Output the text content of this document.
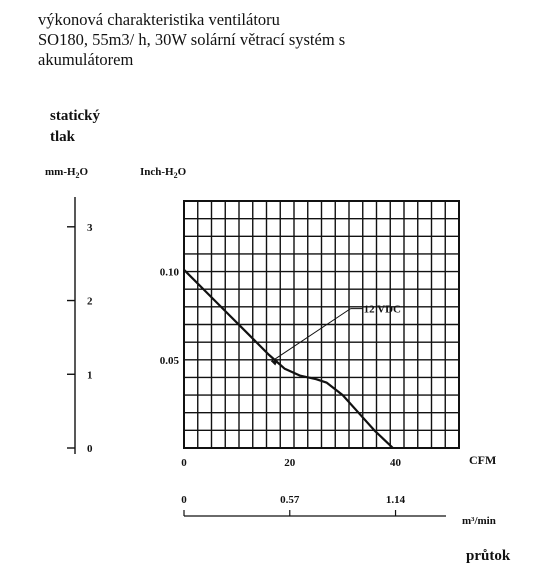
výkonová charakteristika ventilátoru
SO180, 55m3/ h, 30W solární větrací systém s
akumulátorem
0
1
2
3
0.05
0.10
0	20	40
0	0.57	1.14
statický
tlak
$mm-H_2O$	Inch-$H_2O$
CFM
m³/min
průtok
12 VDC
